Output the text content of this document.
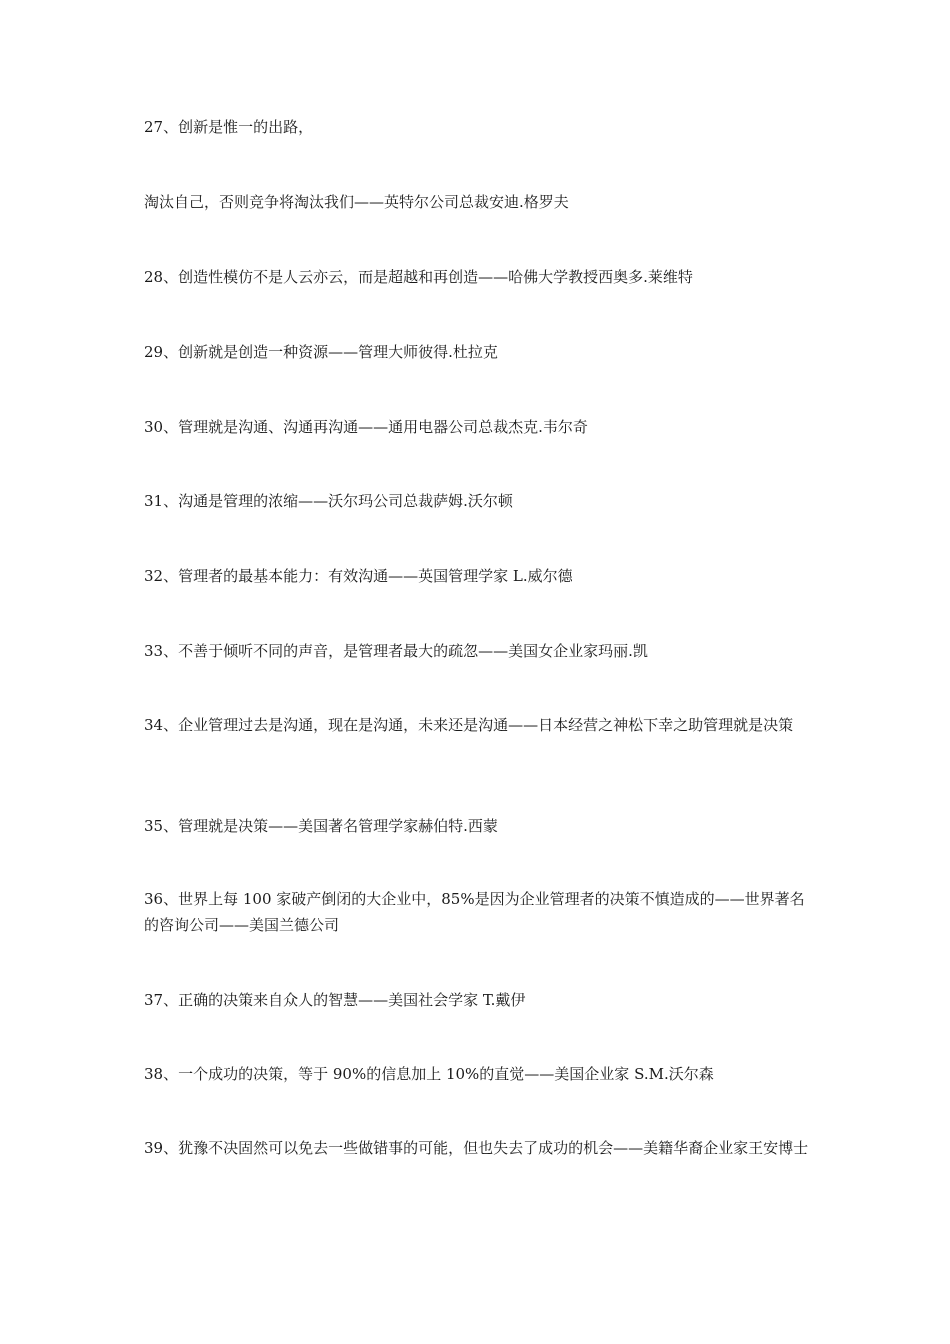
27、创新是惟一的出路，

淘汰自己，否则竞争将淘汰我们——英特尔公司总裁安迪.格罗夫

28、创造性模仿不是人云亦云，而是超越和再创造——哈佛大学教授西奥多.莱维特

29、创新就是创造一种资源——管理大师彼得.杜拉克

30、管理就是沟通、沟通再沟通——通用电器公司总裁杰克.韦尔奇

31、沟通是管理的浓缩——沃尔玛公司总裁萨姆.沃尔顿

32、管理者的最基本能力：有效沟通——英国管理学家 L.威尔德

33、不善于倾听不同的声音，是管理者最大的疏忽——美国女企业家玛丽.凯

34、企业管理过去是沟通，现在是沟通，未来还是沟通——日本经营之神松下幸之助管理就是决策

35、管理就是决策——美国著名管理学家赫伯特.西蒙

36、世界上每 100 家破产倒闭的大企业中，85%是因为企业管理者的决策不慎造成的——世界著名的咨询公司——美国兰德公司

37、正确的决策来自众人的智慧——美国社会学家 T.戴伊

38、一个成功的决策，等于 90%的信息加上 10%的直觉——美国企业家 S.M.沃尔森

39、犹豫不决固然可以免去一些做错事的可能，但也失去了成功的机会——美籍华裔企业家王安博士
